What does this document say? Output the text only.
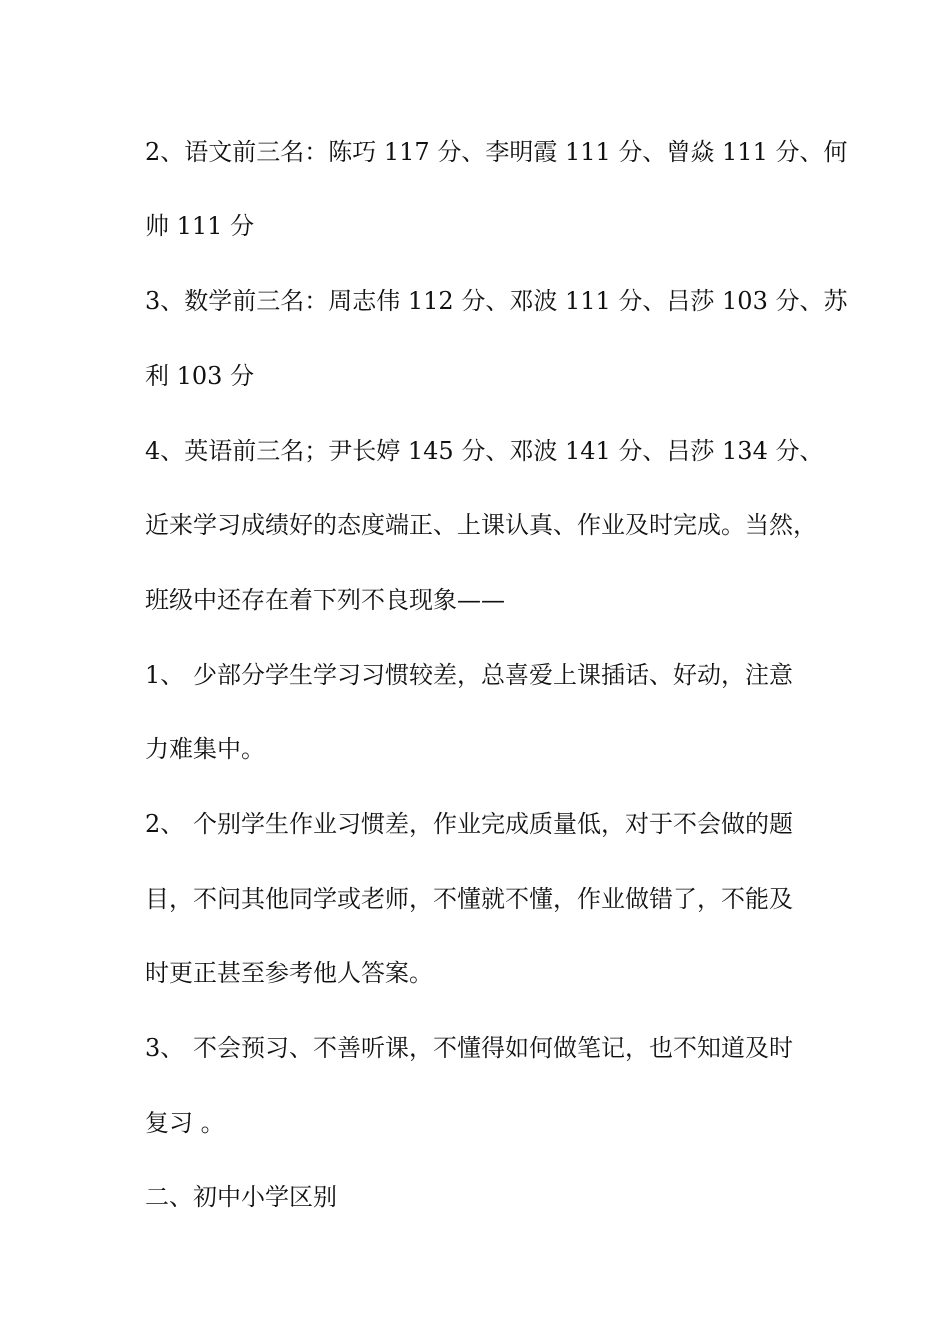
2、语文前三名：陈巧 117 分、李明霞 111 分、曾焱 111 分、何
帅 111 分
3、数学前三名：周志伟 112 分、邓波 111 分、吕莎 103 分、苏
利 103 分
4、英语前三名；尹长婷 145 分、邓波 141 分、吕莎 134 分、
近来学习成绩好的态度端正、上课认真、作业及时完成。当然，
班级中还存在着下列不良现象——
1、 少部分学生学习习惯较差，总喜爱上课插话、好动，注意
力难集中。
2、 个别学生作业习惯差，作业完成质量低，对于不会做的题
目，不问其他同学或老师，不懂就不懂，作业做错了，不能及
时更正甚至参考他人答案。
3、 不会预习、不善听课，不懂得如何做笔记，也不知道及时
复习 。
二、初中小学区别
